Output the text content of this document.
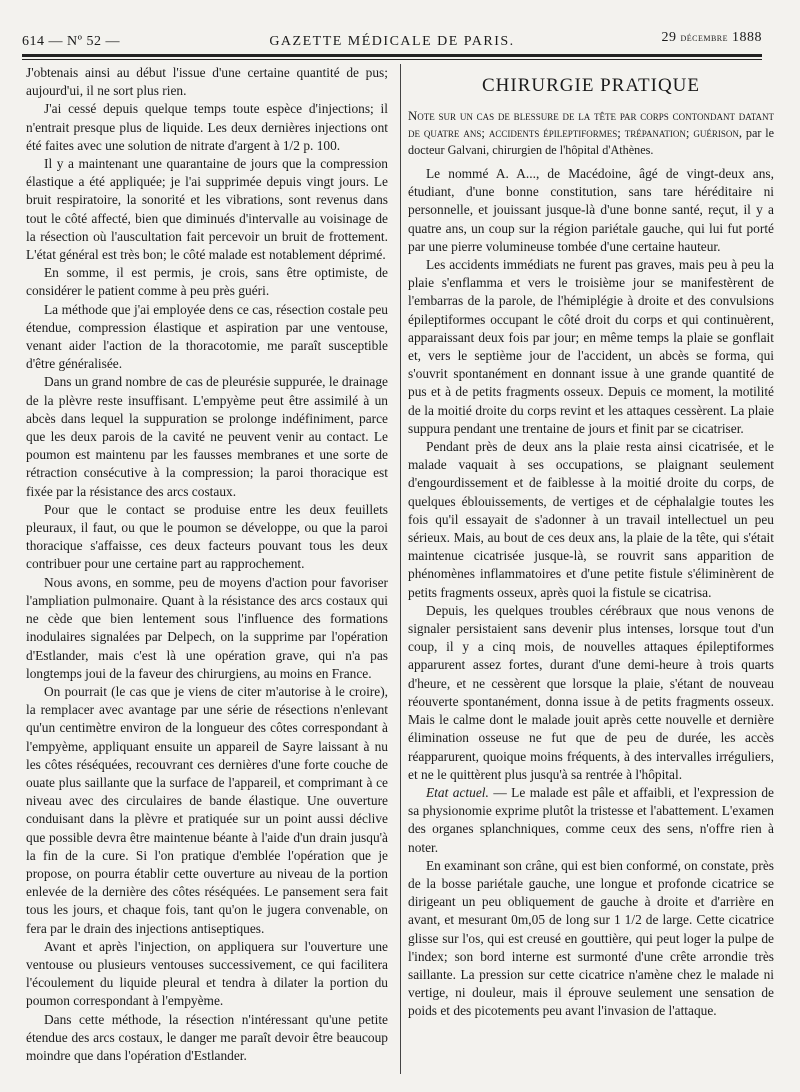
614 — Nº 52 —	GAZETTE MÉDICALE DE PARIS.	29 décembre 1888

J'obtenais ainsi au début l'issue d'une certaine quantité de pus; aujourd'ui, il ne sort plus rien.

J'ai cessé depuis quelque temps toute espèce d'injections; il n'entrait presque plus de liquide. Les deux dernières injections ont été faites avec une solution de nitrate d'argent à 1/2 p. 100.

Il y a maintenant une quarantaine de jours que la compression élastique a été appliquée; je l'ai supprimée depuis vingt jours. Le bruit respiratoire, la sonorité et les vibrations, sont revenus dans tout le côté affecté, bien que diminués d'intervalle au voisinage de la résection où l'auscultation fait percevoir un bruit de frottement. L'état général est très bon; le côté malade est notablement déprimé.

En somme, il est permis, je crois, sans être optimiste, de considérer le patient comme à peu près guéri.

La méthode que j'ai employée dens ce cas, résection costale peu étendue, compression élastique et aspiration par une ventouse, venant aider l'action de la thoracotomie, me paraît susceptible d'être généralisée.

Dans un grand nombre de cas de pleurésie suppurée, le drainage de la plèvre reste insuffisant. L'empyème peut être assimilé à un abcès dans lequel la suppuration se prolonge indéfiniment, parce que les deux parois de la cavité ne peuvent venir au contact. Le poumon est maintenu par les fausses membranes et une sorte de rétraction consécutive à la compression; la paroi thoracique est fixée par la résistance des arcs costaux.

Pour que le contact se produise entre les deux feuillets pleuraux, il faut, ou que le poumon se développe, ou que la paroi thoracique s'affaisse, ces deux facteurs pouvant tous les deux contribuer pour une certaine part au rapprochement.

Nous avons, en somme, peu de moyens d'action pour favoriser l'ampliation pulmonaire. Quant à la résistance des arcs costaux qui ne cède que bien lentement sous l'influence des formations inodulaires signalées par Delpech, on la supprime par l'opération d'Estlander, mais c'est là une opération grave, qui n'a pas longtemps joui de la faveur des chirurgiens, au moins en France.

On pourrait (le cas que je viens de citer m'autorise à le croire), la remplacer avec avantage par une série de résections n'enlevant qu'un centimètre environ de la longueur des côtes correspondant à l'empyème, appliquant ensuite un appareil de Sayre laissant à nu les côtes réséquées, recouvrant ces dernières d'une forte couche de ouate plus saillante que la surface de l'appareil, et comprimant à ce niveau avec des circulaires de bande élastique. Une ouverture conduisant dans la plèvre et pratiquée sur un point aussi déclive que possible devra être maintenue béante à l'aide d'un drain jusqu'à la fin de la cure. Si l'on pratique d'emblée l'opération que je propose, on pourra établir cette ouverture au niveau de la portion enlevée de la dernière des côtes réséquées. Le pansement sera fait tous les jours, et chaque fois, tant qu'on le jugera convenable, on fera par le drain des injections antiseptiques.

Avant et après l'injection, on appliquera sur l'ouverture une ventouse ou plusieurs ventouses successivement, ce qui facilitera l'écoulement du liquide pleural et tendra à dilater la portion du poumon correspondant à l'empyème.

Dans cette méthode, la résection n'intéressant qu'une petite étendue des arcs costaux, le danger me paraît devoir être beaucoup moindre que dans l'opération d'Estlander.

CHIRURGIE PRATIQUE
Note sur un cas de blessure de la tête par corps contondant datant de quatre ans; accidents épileptiformes; trépanation; guérison, par le docteur Galvani, chirurgien de l'hôpital d'Athènes.

Le nommé A. A..., de Macédoine, âgé de vingt-deux ans, étudiant, d'une bonne constitution, sans tare héréditaire ni personnelle, et jouissant jusque-là d'une bonne santé, reçut, il y a quatre ans, un coup sur la région pariétale gauche, qui lui fut porté par une pierre volumineuse tombée d'une certaine hauteur.

Les accidents immédiats ne furent pas graves, mais peu à peu la plaie s'enflamma et vers le troisième jour se manifestèrent de l'embarras de la parole, de l'hémiplégie à droite et des convulsions épileptiformes occupant le côté droit du corps et qui continuèrent, apparaissant deux fois par jour; en même temps la plaie se gonflait et, vers le septième jour de l'accident, un abcès se forma, qui s'ouvrit spontanément en donnant issue à une grande quantité de pus et à de petits fragments osseux. Depuis ce moment, la motilité de la moitié droite du corps revint et les attaques cessèrent. La plaie suppura pendant une trentaine de jours et finit par se cicatriser.

Pendant près de deux ans la plaie resta ainsi cicatrisée, et le malade vaquait à ses occupations, se plaignant seulement d'engourdissement et de faiblesse à la moitié droite du corps, de quelques éblouissements, de vertiges et de céphalalgie toutes les fois qu'il essayait de s'adonner à un travail intellectuel un peu sérieux. Mais, au bout de ces deux ans, la plaie de la tête, qui s'était maintenue cicatrisée jusque-là, se rouvrit sans apparition de phénomènes inflammatoires et d'une petite fistule s'éliminèrent de petits fragments osseux, après quoi la fistule se cicatrisa.

Depuis, les quelques troubles cérébraux que nous venons de signaler persistaient sans devenir plus intenses, lorsque tout d'un coup, il y a cinq mois, de nouvelles attaques épileptiformes apparurent assez fortes, durant d'une demi-heure à trois quarts d'heure, et ne cessèrent que lorsque la plaie, s'étant de nouveau réouverte spontanément, donna issue à de petits fragments osseux. Mais le calme dont le malade jouit après cette nouvelle et dernière élimination osseuse ne fut que de peu de durée, les accès réapparurent, quoique moins fréquents, à des intervalles irréguliers, et ne le quittèrent plus jusqu'à sa rentrée à l'hôpital.

Etat actuel. — Le malade est pâle et affaibli, et l'expression de sa physionomie exprime plutôt la tristesse et l'abattement. L'examen des organes splanchniques, comme ceux des sens, n'offre rien à noter.

En examinant son crâne, qui est bien conformé, on constate, près de la bosse pariétale gauche, une longue et profonde cicatrice se dirigeant un peu obliquement de gauche à droite et d'arrière en avant, et mesurant 0m,05 de long sur 1 1/2 de large. Cette cicatrice glisse sur l'os, qui est creusé en gouttière, qui peut loger la pulpe de l'index; son bord interne est surmonté d'une crête arrondie très saillante. La pression sur cette cicatrice n'amène chez le malade ni vertige, ni douleur, mais il éprouve seulement une sensation de poids et des picotements peu avant l'invasion de l'attaque.
